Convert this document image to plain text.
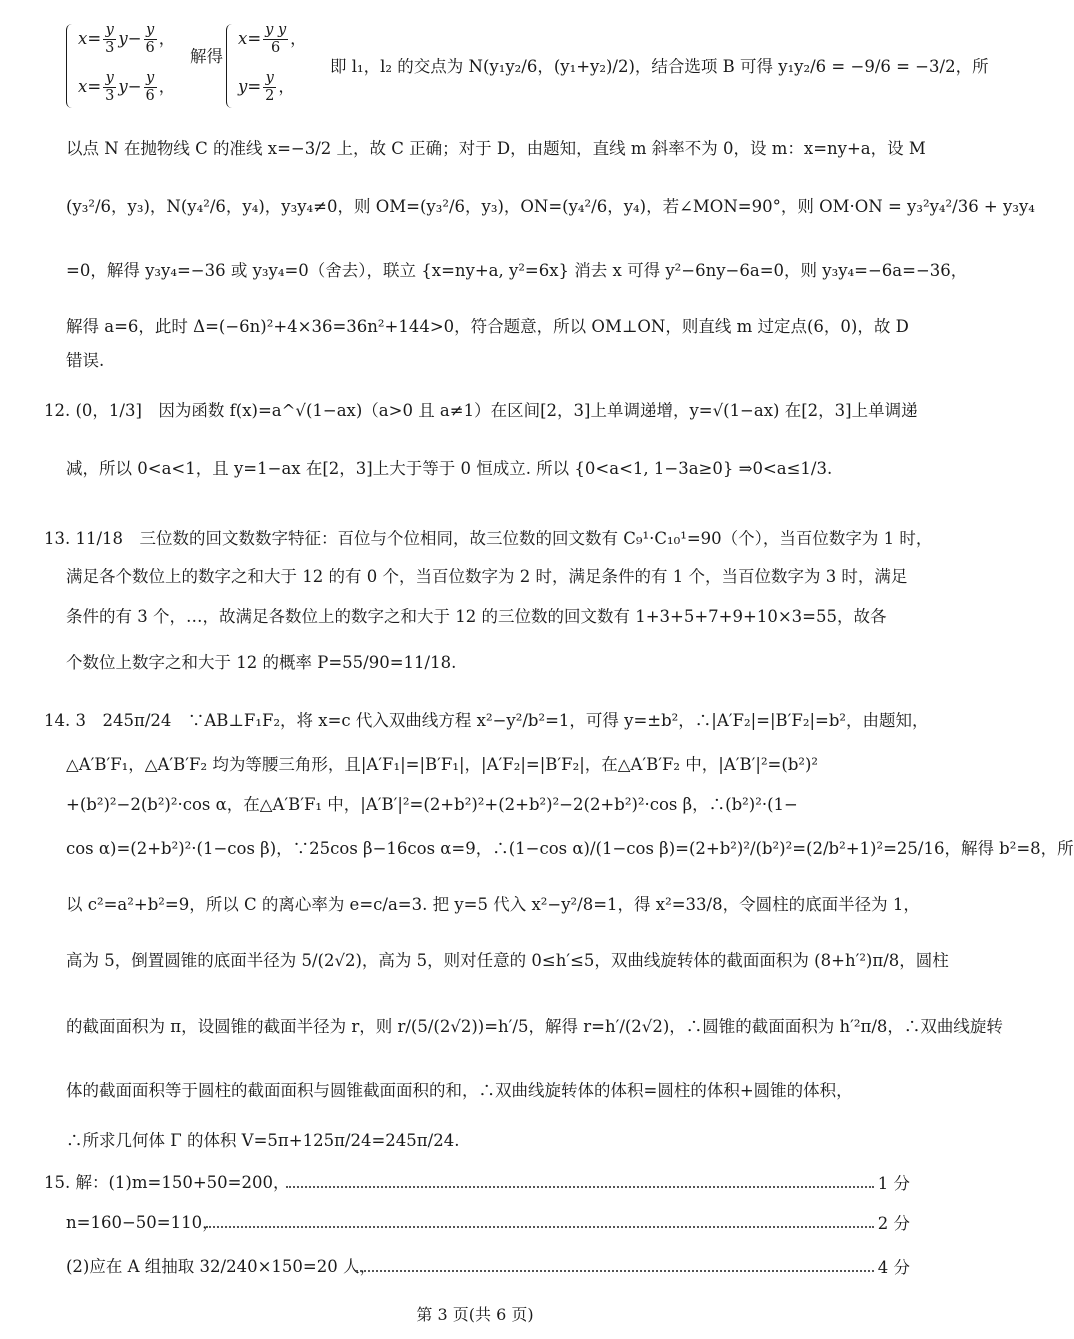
$x= \frac{y}{3} y- \frac{y}{6}$ ，
$x= \frac{y}{3} y- \frac{y}{6}$ ，
解得
$x= \frac{\text{y y}}{6}$ ，
$y= \frac{y}{2}$ ，
即 l₁，l₂ 的交点为 N(y₁y₂/6，(y₁+y₂)/2)，结合选项 B 可得 y₁y₂/6 = −9/6 = −3/2，所
以点 N 在抛物线 C 的准线 x=−3/2 上，故 C 正确；对于 D，由题知，直线 m 斜率不为 0，设 m：x=ny+a，设 M
(y₃²/6，y₃)，N(y₄²/6，y₄)，y₃y₄≠0，则 OM=(y₃²/6，y₃)，ON=(y₄²/6，y₄)，若∠MON=90°，则 OM·ON = y₃²y₄²/36 + y₃y₄
=0，解得 y₃y₄=−36 或 y₃y₄=0（舍去），联立 {x=ny+a, y²=6x} 消去 x 可得 y²−6ny−6a=0，则 y₃y₄=−6a=−36，
解得 a=6，此时 Δ=(−6n)²+4×36=36n²+144>0，符合题意，所以 OM⊥ON，则直线 m 过定点(6，0)，故 D
错误.
12. (0，1/3]　因为函数 f(x)=a^√(1−ax)（a>0 且 a≠1）在区间[2，3]上单调递增，y=√(1−ax) 在[2，3]上单调递
减，所以 0<a<1，且 y=1−ax 在[2，3]上大于等于 0 恒成立. 所以 {0<a<1, 1−3a≥0} ⇒0<a≤1/3.
13. 11/18　三位数的回文数数字特征：百位与个位相同，故三位数的回文数有 C₉¹·C₁₀¹=90（个），当百位数字为 1 时，
满足各个数位上的数字之和大于 12 的有 0 个，当百位数字为 2 时，满足条件的有 1 个，当百位数字为 3 时，满足
条件的有 3 个，…，故满足各数位上的数字之和大于 12 的三位数的回文数有 1+3+5+7+9+10×3=55，故各
个数位上数字之和大于 12 的概率 P=55/90=11/18.
14. 3　245π/24　∵AB⊥F₁F₂，将 x=c 代入双曲线方程 x²−y²/b²=1，可得 y=±b²，∴|A′F₂|=|B′F₂|=b²，由题知，
△A′B′F₁，△A′B′F₂ 均为等腰三角形，且|A′F₁|=|B′F₁|，|A′F₂|=|B′F₂|，在△A′B′F₂ 中，|A′B′|²=(b²)²
+(b²)²−2(b²)²·cos α，在△A′B′F₁ 中，|A′B′|²=(2+b²)²+(2+b²)²−2(2+b²)²·cos β，∴(b²)²·(1−
cos α)=(2+b²)²·(1−cos β)，∵25cos β−16cos α=9，∴(1−cos α)/(1−cos β)=(2+b²)²/(b²)²=(2/b²+1)²=25/16，解得 b²=8，所
以 c²=a²+b²=9，所以 C 的离心率为 e=c/a=3. 把 y=5 代入 x²−y²/8=1，得 x²=33/8，令圆柱的底面半径为 1，
高为 5，倒置圆锥的底面半径为 5/(2√2)，高为 5，则对任意的 0≤h′≤5，双曲线旋转体的截面面积为 (8+h′²)π/8，圆柱
的截面面积为 π，设圆锥的截面半径为 r，则 r/(5/(2√2))=h′/5，解得 r=h′/(2√2)，∴圆锥的截面面积为 h′²π/8，∴双曲线旋转
体的截面面积等于圆柱的截面面积与圆锥截面面积的和，∴双曲线旋转体的体积=圆柱的体积+圆锥的体积，
∴所求几何体 Γ 的体积 V=5π+125π/24=245π/24.
15. 解：(1)m=150+50=200，	1 分
n=160−50=110，	2 分
(2)应在 A 组抽取 32/240×150=20 人，	4 分
第 3 页(共 6 页)
